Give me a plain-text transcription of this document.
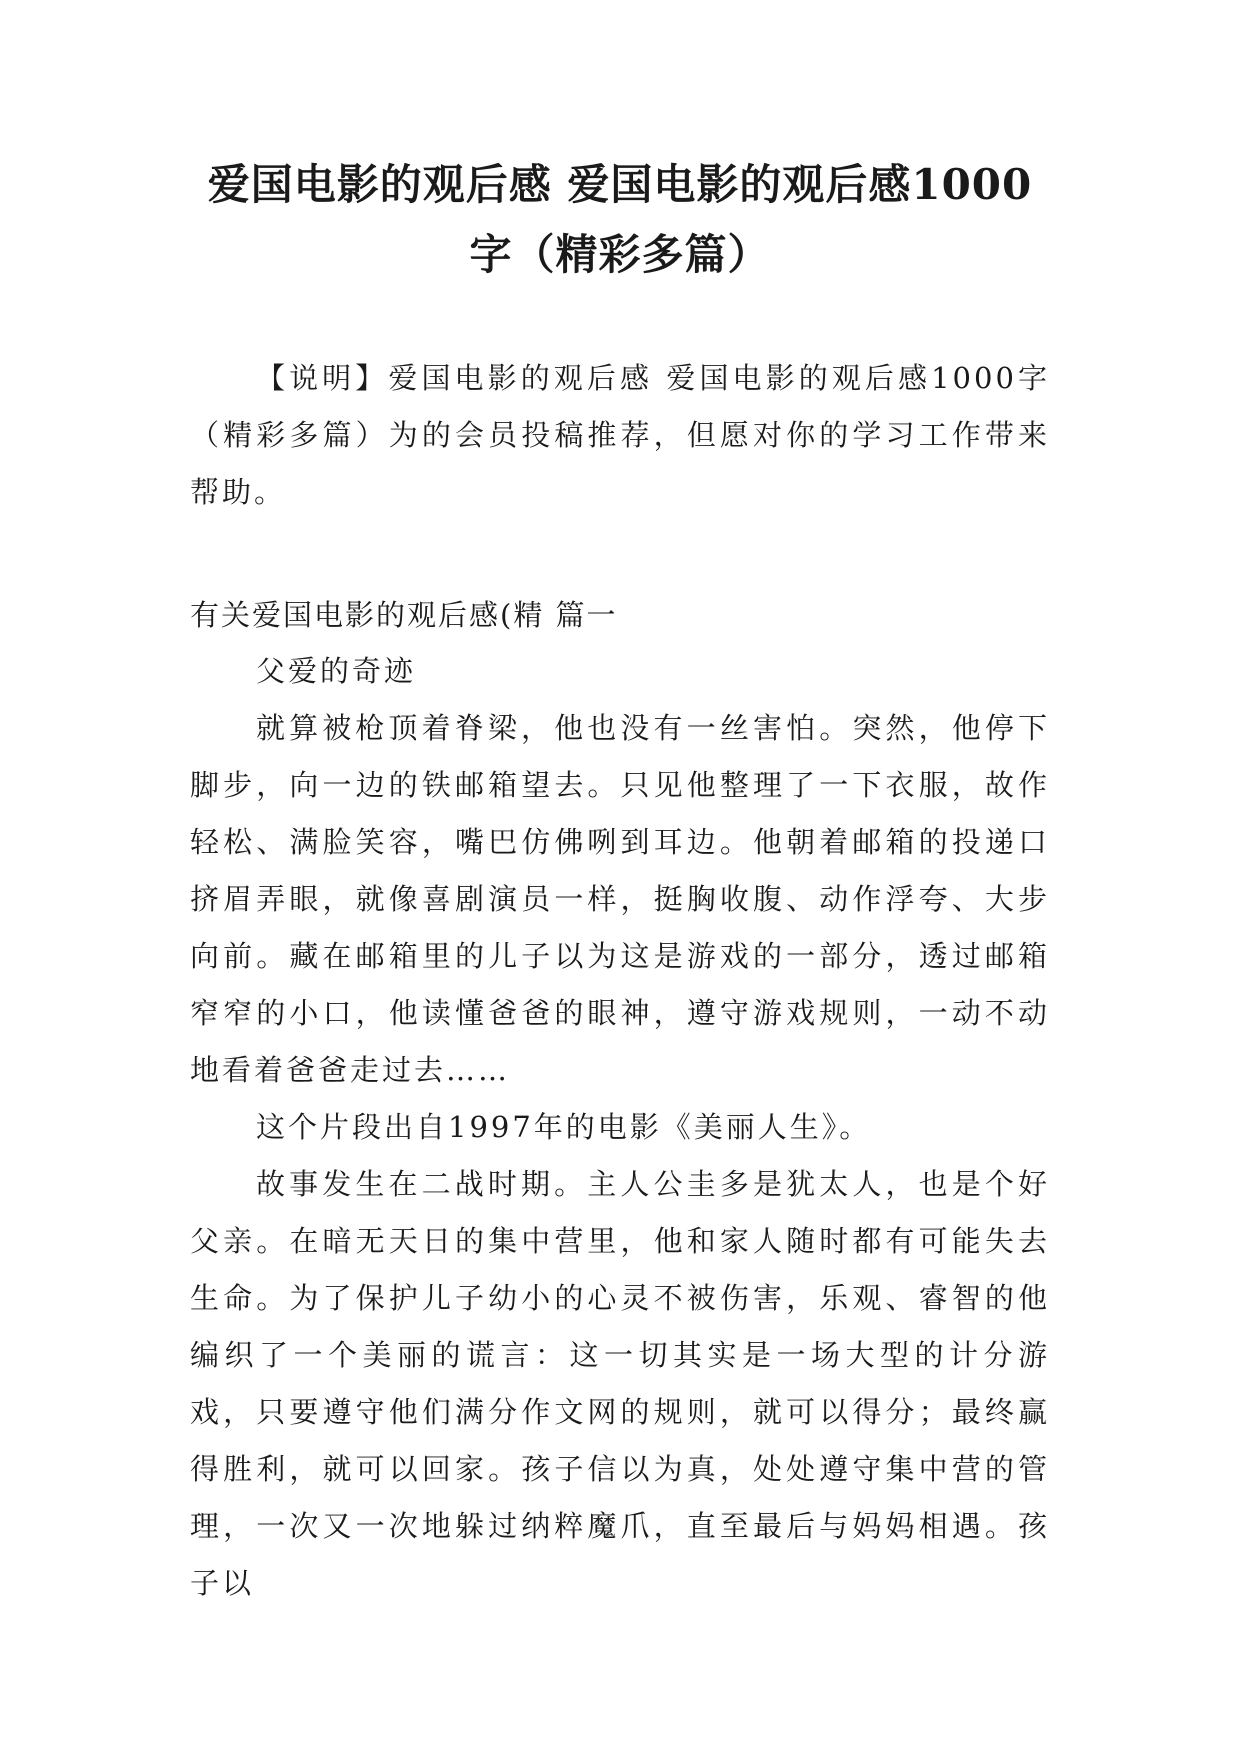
爱国电影的观后感 爱国电影的观后感1000字（精彩多篇）
【说明】爱国电影的观后感 爱国电影的观后感1000字（精彩多篇）为的会员投稿推荐，但愿对你的学习工作带来帮助。
有关爱国电影的观后感(精 篇一

父爱的奇迹

就算被枪顶着脊梁，他也没有一丝害怕。突然，他停下脚步，向一边的铁邮箱望去。只见他整理了一下衣服，故作轻松、满脸笑容，嘴巴仿佛咧到耳边。他朝着邮箱的投递口挤眉弄眼，就像喜剧演员一样，挺胸收腹、动作浮夸、大步向前。藏在邮箱里的儿子以为这是游戏的一部分，透过邮箱窄窄的小口，他读懂爸爸的眼神，遵守游戏规则，一动不动地看着爸爸走过去……

这个片段出自1997年的电影《美丽人生》。

故事发生在二战时期。主人公圭多是犹太人，也是个好父亲。在暗无天日的集中营里，他和家人随时都有可能失去生命。为了保护儿子幼小的心灵不被伤害，乐观、睿智的他编织了一个美丽的谎言：这一切其实是一场大型的计分游戏，只要遵守他们满分作文网的规则，就可以得分；最终赢得胜利，就可以回家。孩子信以为真，处处遵守集中营的管理，一次又一次地躲过纳粹魔爪，直至最后与妈妈相遇。孩子以
